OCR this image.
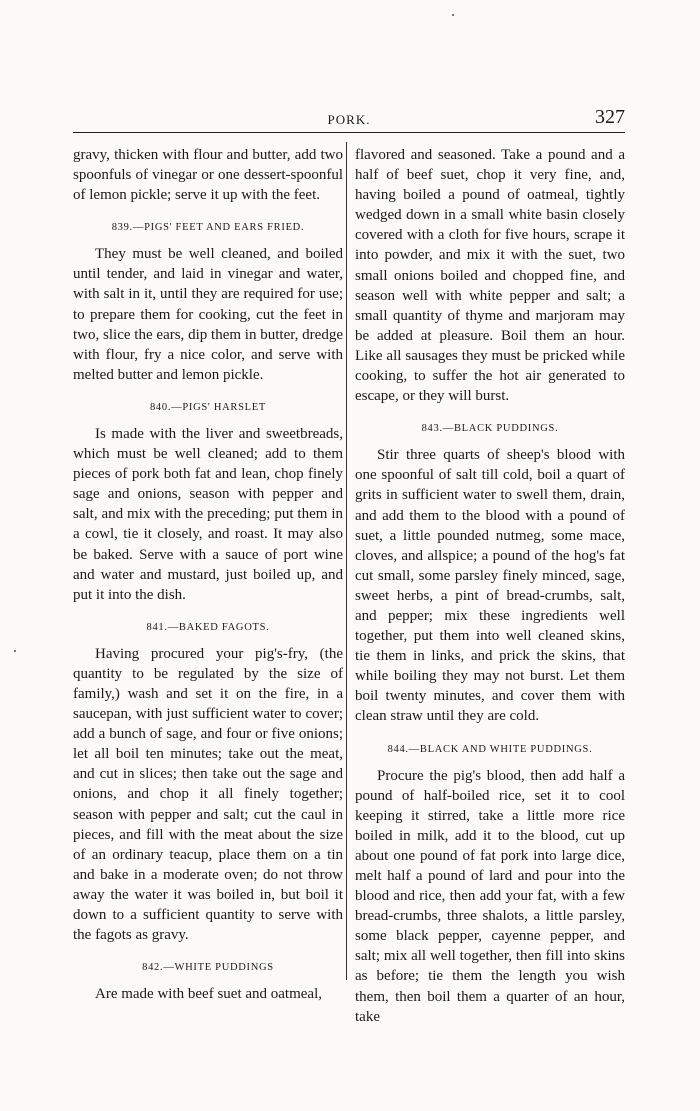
PORK.	327

gravy, thicken with flour and butter, add two spoonfuls of vinegar or one dessert-spoonful of lemon pickle; serve it up with the feet.

839.—PIGS' FEET AND EARS FRIED.

They must be well cleaned, and boiled until tender, and laid in vinegar and water, with salt in it, until they are required for use; to prepare them for cooking, cut the feet in two, slice the ears, dip them in butter, dredge with flour, fry a nice color, and serve with melted butter and lemon pickle.

840.—PIGS' HARSLET

Is made with the liver and sweetbreads, which must be well cleaned; add to them pieces of pork both fat and lean, chop finely sage and onions, season with pepper and salt, and mix with the preceding; put them in a cowl, tie it closely, and roast. It may also be baked. Serve with a sauce of port wine and water and mustard, just boiled up, and put it into the dish.

841.—BAKED FAGOTS.

Having procured your pig's-fry, (the quantity to be regulated by the size of family,) wash and set it on the fire, in a saucepan, with just sufficient water to cover; add a bunch of sage, and four or five onions; let all boil ten minutes; take out the meat, and cut in slices; then take out the sage and onions, and chop it all finely together; season with pepper and salt; cut the caul in pieces, and fill with the meat about the size of an ordinary teacup, place them on a tin and bake in a moderate oven; do not throw away the water it was boiled in, but boil it down to a sufficient quantity to serve with the fagots as gravy.

842.—WHITE PUDDINGS

Are made with beef suet and oatmeal,

flavored and seasoned. Take a pound and a half of beef suet, chop it very fine, and, having boiled a pound of oatmeal, tightly wedged down in a small white basin closely covered with a cloth for five hours, scrape it into powder, and mix it with the suet, two small onions boiled and chopped fine, and season well with white pepper and salt; a small quantity of thyme and marjoram may be added at pleasure. Boil them an hour. Like all sausages they must be pricked while cooking, to suffer the hot air generated to escape, or they will burst.

843.—BLACK PUDDINGS.

Stir three quarts of sheep's blood with one spoonful of salt till cold, boil a quart of grits in sufficient water to swell them, drain, and add them to the blood with a pound of suet, a little pounded nutmeg, some mace, cloves, and allspice; a pound of the hog's fat cut small, some parsley finely minced, sage, sweet herbs, a pint of bread-crumbs, salt, and pepper; mix these ingredients well together, put them into well cleaned skins, tie them in links, and prick the skins, that while boiling they may not burst. Let them boil twenty minutes, and cover them with clean straw until they are cold.

844.—BLACK AND WHITE PUDDINGS.

Procure the pig's blood, then add half a pound of half-boiled rice, set it to cool keeping it stirred, take a little more rice boiled in milk, add it to the blood, cut up about one pound of fat pork into large dice, melt half a pound of lard and pour into the blood and rice, then add your fat, with a few bread-crumbs, three shalots, a little parsley, some black pepper, cayenne pepper, and salt; mix all well together, then fill into skins as before; tie them the length you wish them, then boil them a quarter of an hour, take
